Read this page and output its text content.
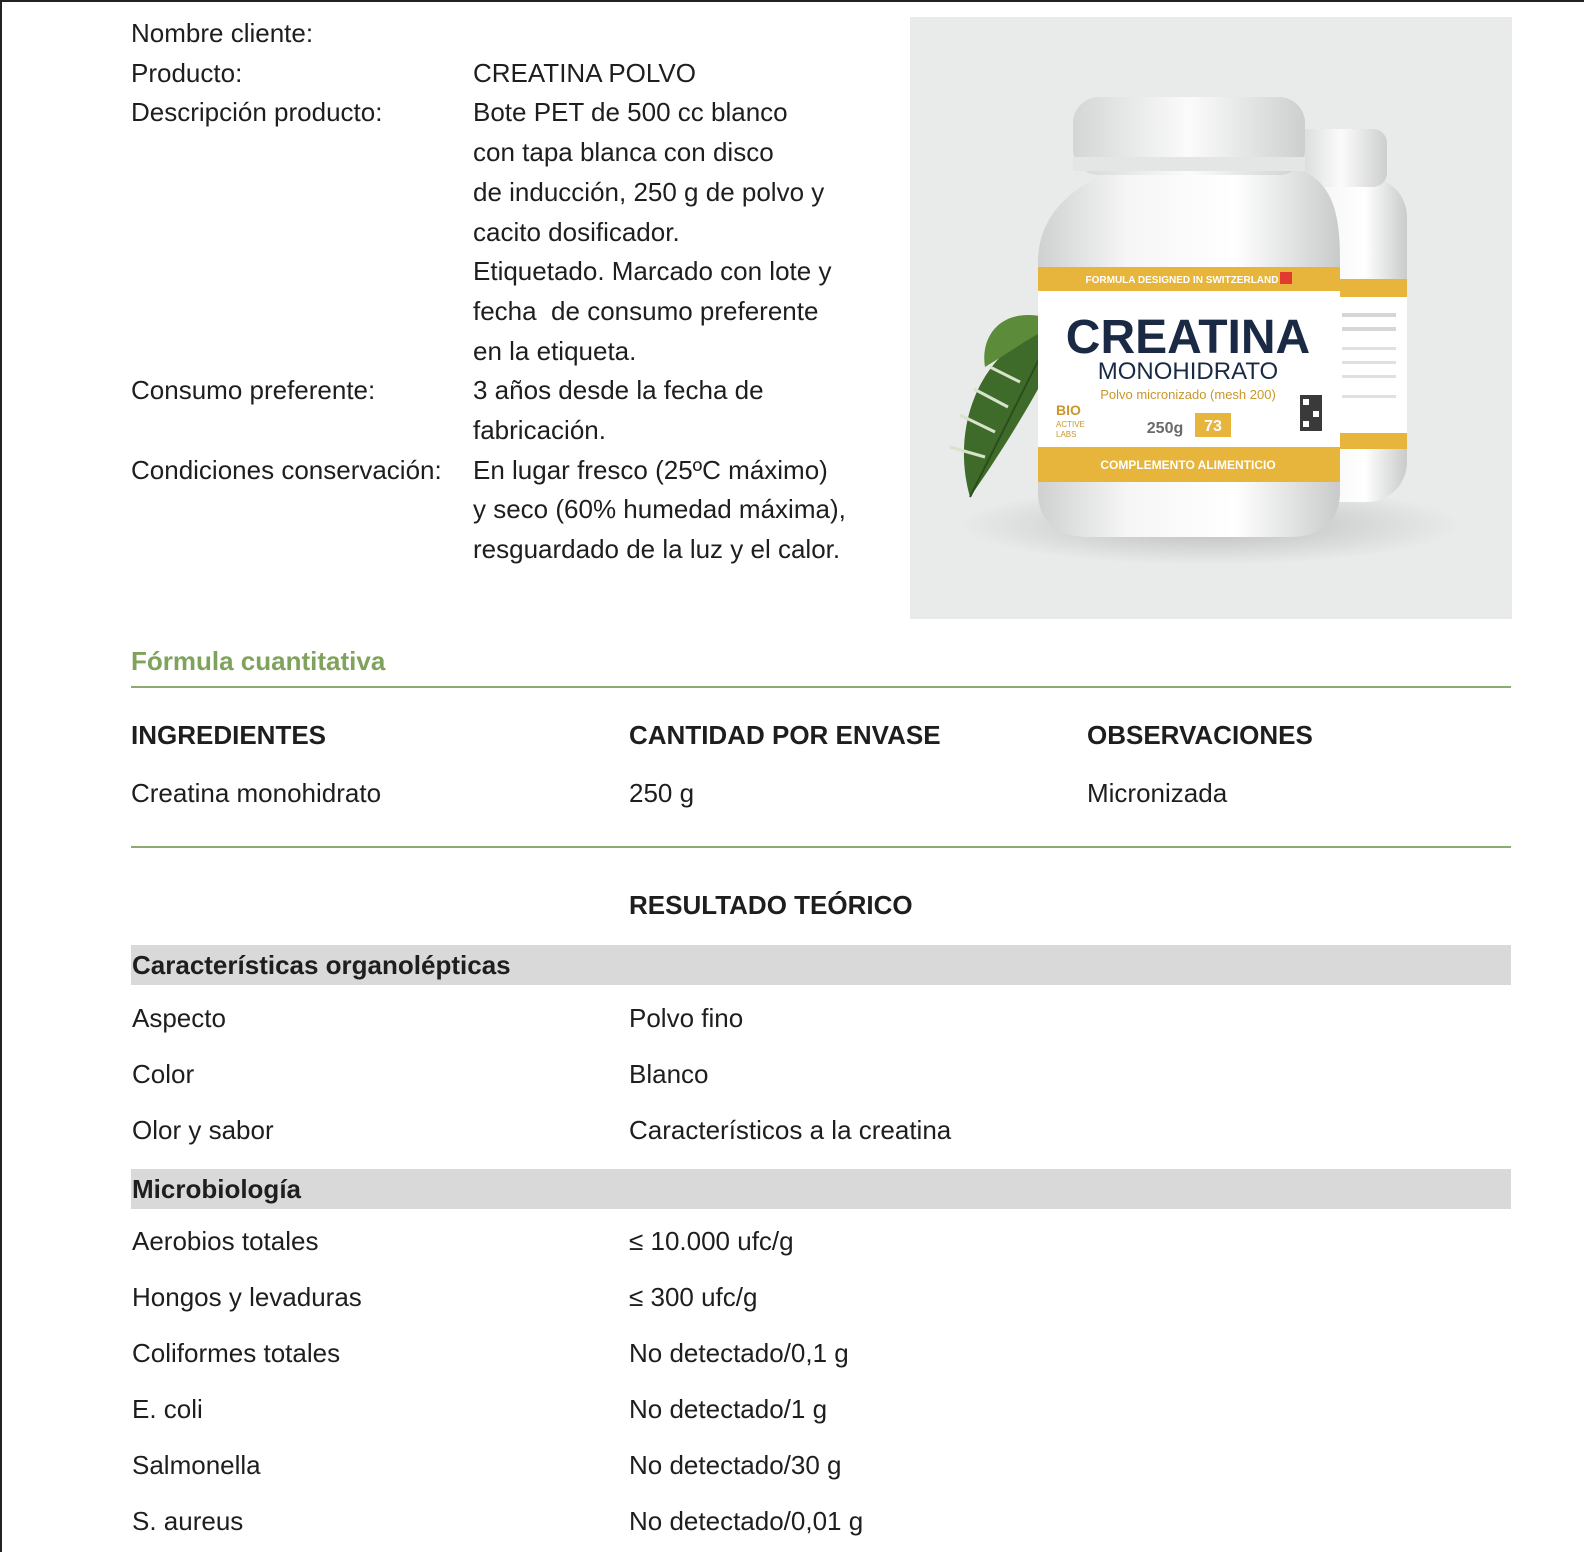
Nombre cliente:
Producto:	CREATINA POLVO
Descripción producto:	Bote PET de 500 cc blanco
con tapa blanca con disco
de inducción, 250 g de polvo y
cacito dosificador.
Etiquetado. Marcado con lote y
fecha  de consumo preferente
en la etiqueta.
Consumo preferente:	3 años desde la fecha de
fabricación.
Condiciones conservación:	En lugar fresco (25ºC máximo)
y seco (60% humedad máxima),
resguardado de la luz y el calor.
FORMULA DESIGNED IN SWITZERLAND
CREATINA
MONOHIDRATO
Polvo micronizado (mesh 200)
250g 73
COMPLEMENTO ALIMENTICIO
BIO
ACTIVE
LABS
Fórmula cuantitativa
INGREDIENTES	CANTIDAD POR ENVASE	OBSERVACIONES
Creatina monohidrato	250 g	Micronizada
RESULTADO TEÓRICO
Características organolépticas
Aspecto	Polvo fino
Color	Blanco
Olor y sabor	Característicos a la creatina
Microbiología
Aerobios totales	≤ 10.000 ufc/g
Hongos y levaduras	≤ 300 ufc/g
Coliformes totales	No detectado/0,1 g
E. coli	No detectado/1 g
Salmonella	No detectado/30 g
S. aureus	No detectado/0,01 g
